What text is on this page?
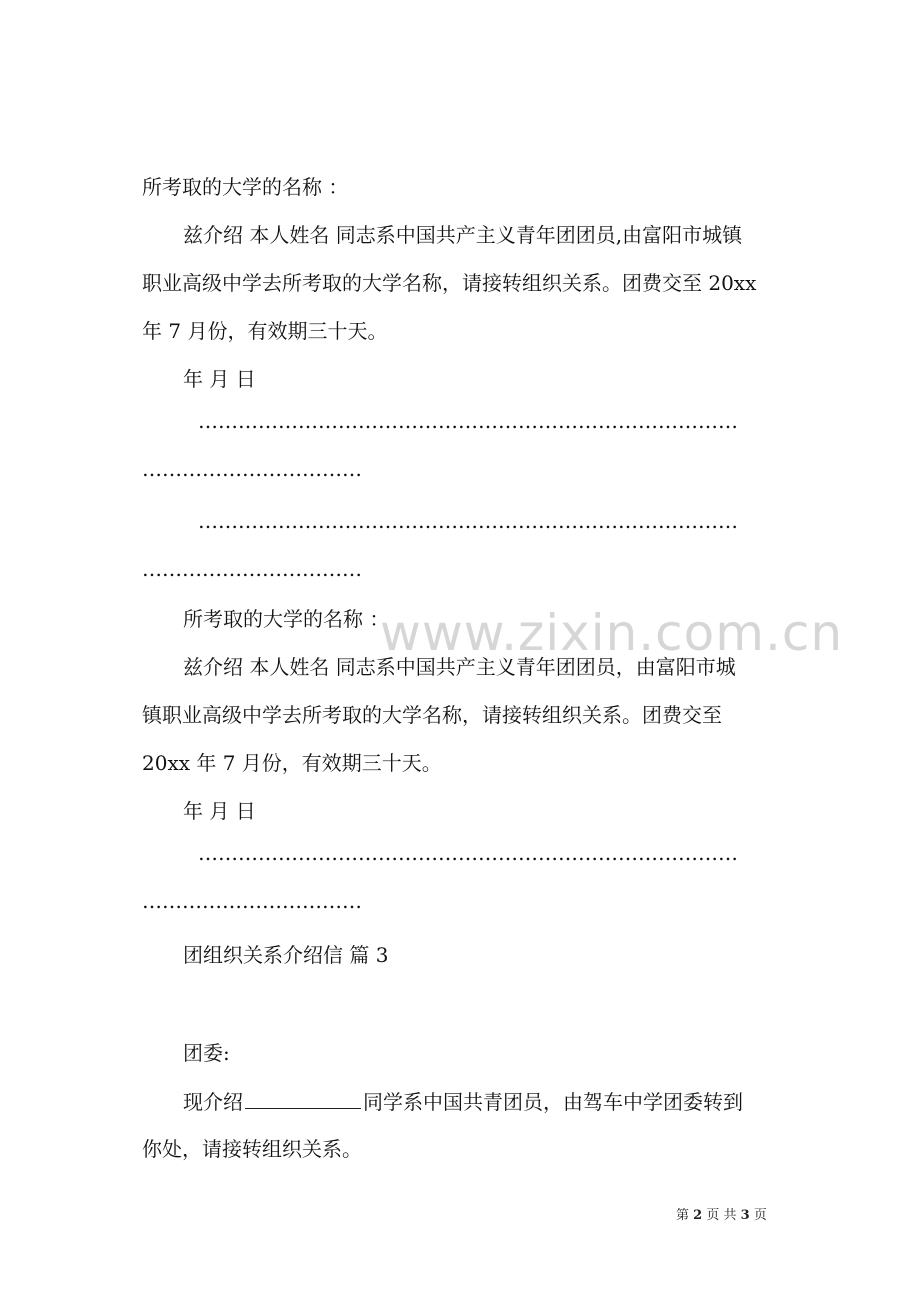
www.zixin.com.cn
所考取的大学的名称 ：
兹介绍 本人姓名 同志系中国共产主义青年团团员,由富阳市城镇
职业高级中学去所考取的大学名称，请接转组织关系。团费交至 20xx
年 7 月份，有效期三十天。
年 月 日
………………………………………………………………………
……………………………
………………………………………………………………………
……………………………
所考取的大学的名称 ：
兹介绍 本人姓名 同志系中国共产主义青年团团员，由富阳市城
镇职业高级中学去所考取的大学名称，请接转组织关系。团费交至
20xx 年 7 月份，有效期三十天。
年 月 日
………………………………………………………………………
……………………………
团组织关系介绍信 篇 3
团委:
现介绍	同学系中国共青团员，由驾车中学团委转到
你处，请接转组织关系。
第 2 页 共 3 页
